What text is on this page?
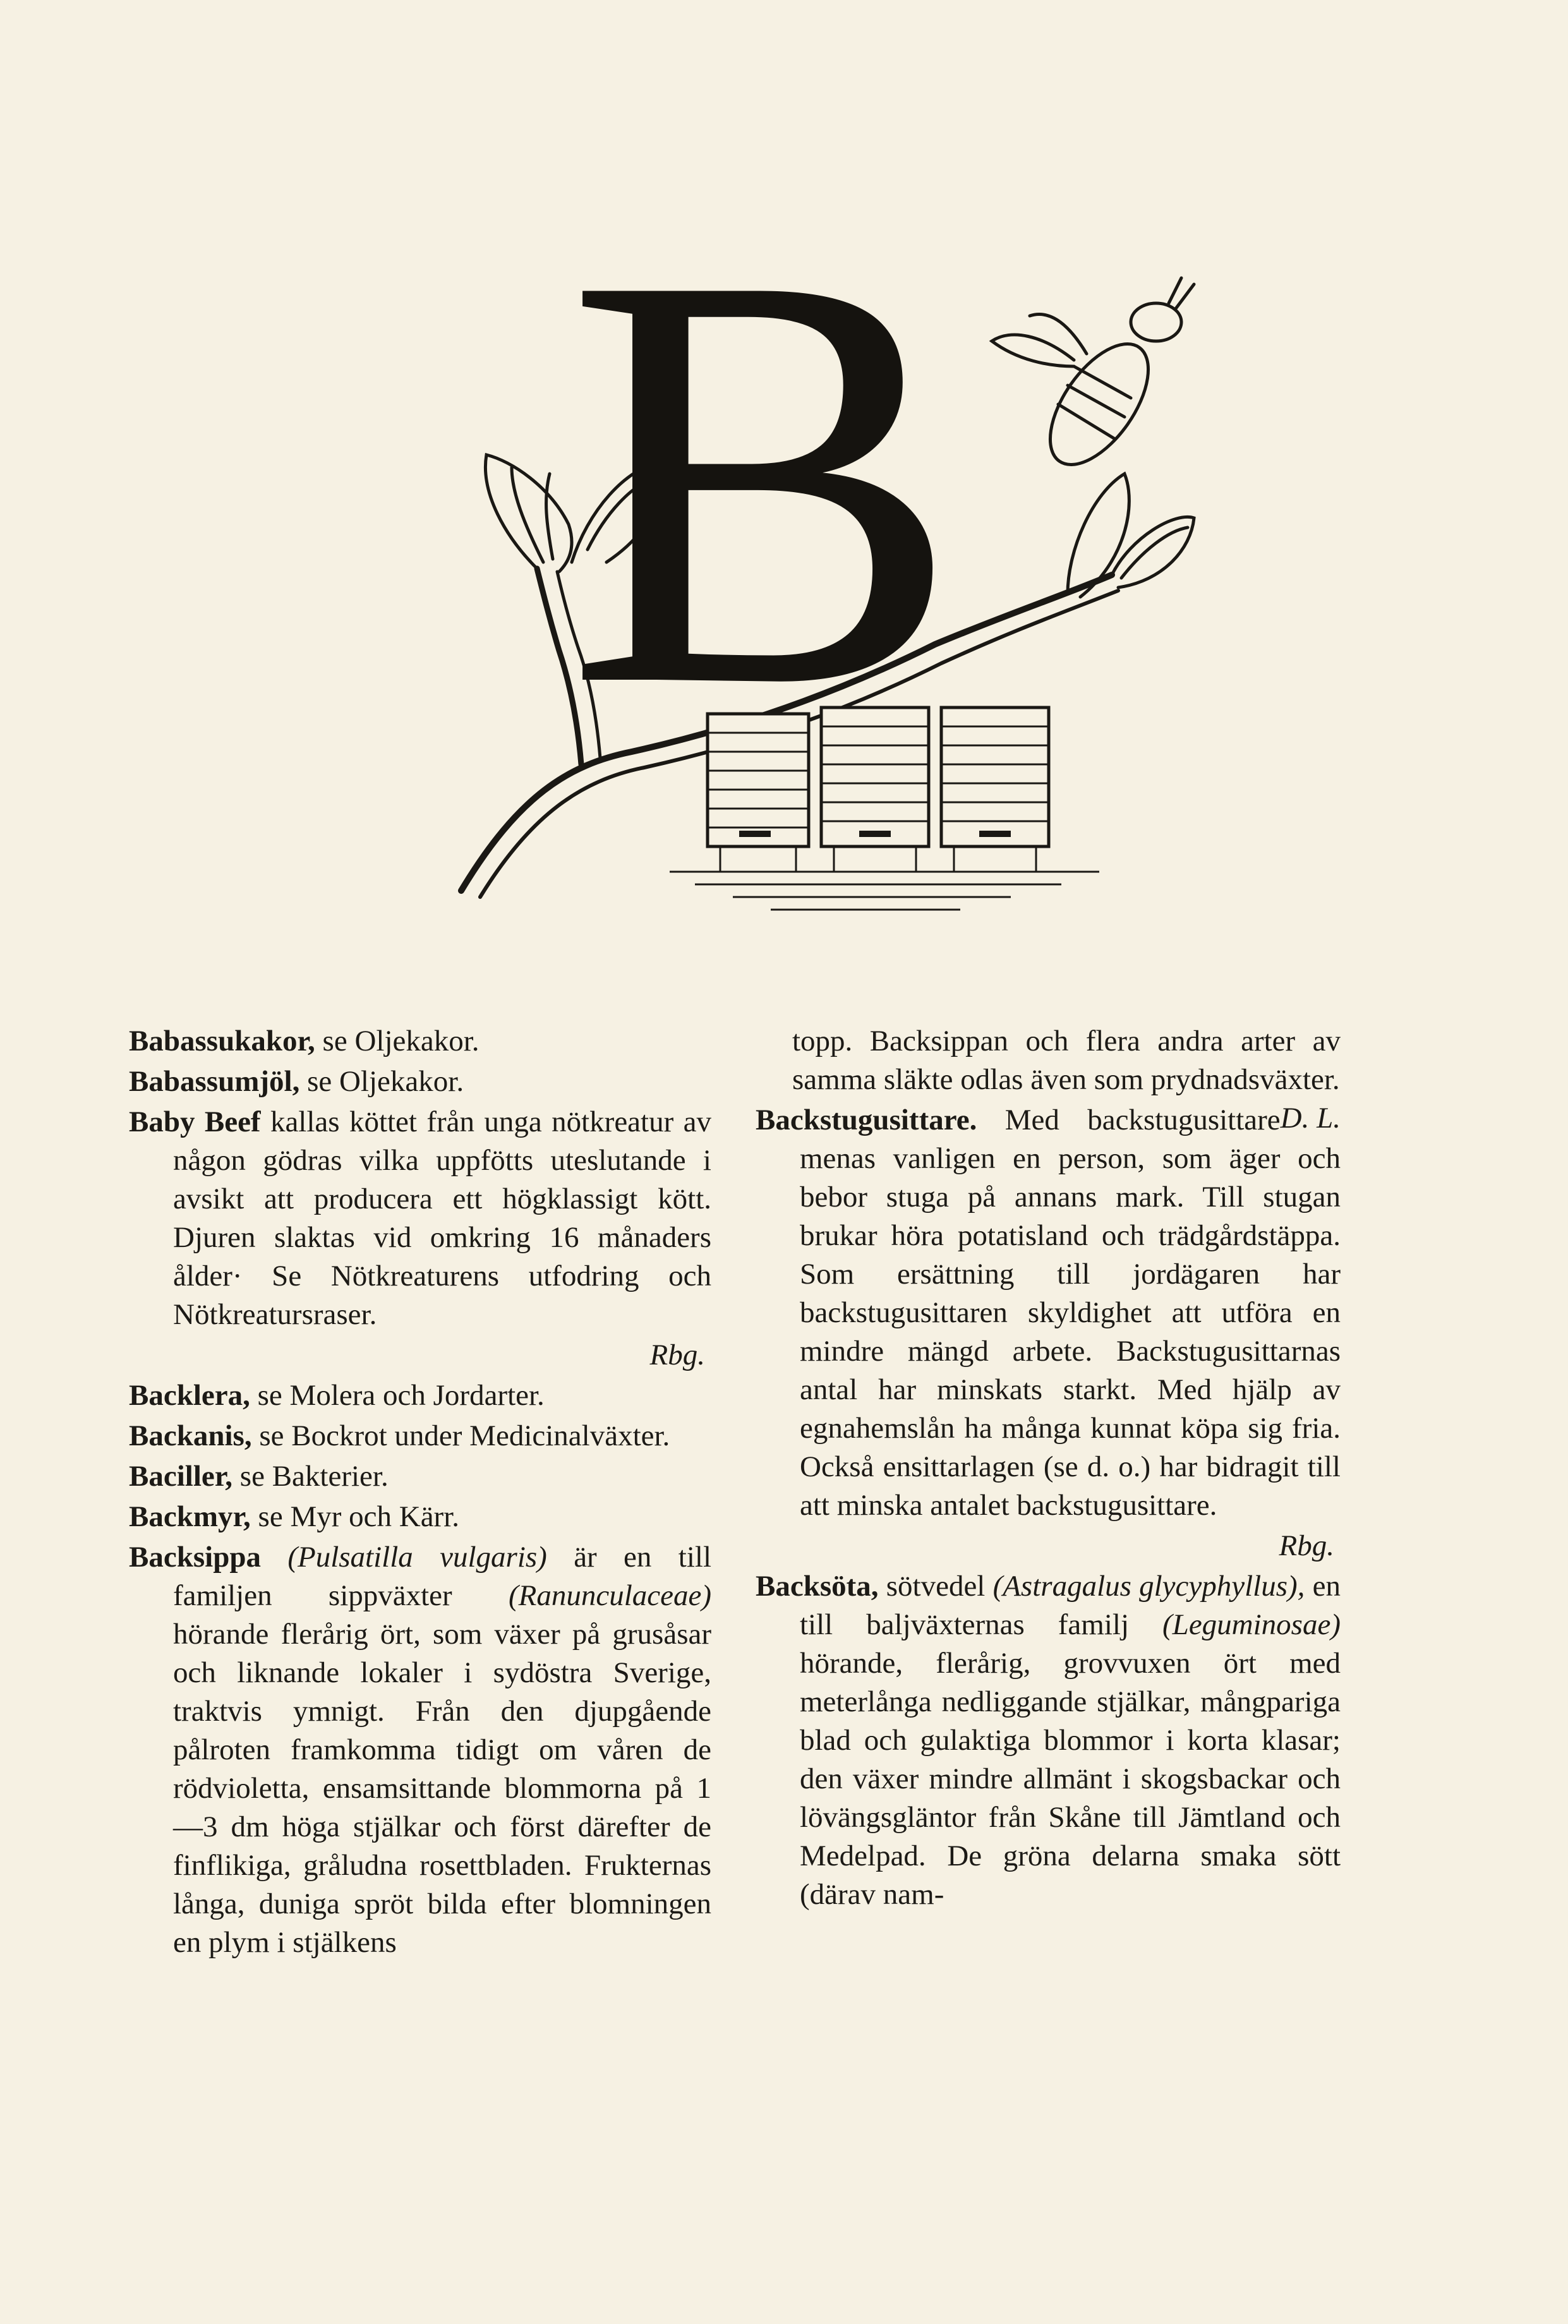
B

Babassukakor, se Oljekakor.

Babassumjöl, se Oljekakor.

Baby Beef kallas köttet från unga nötkreatur av någon gödras vilka uppfötts uteslutande i avsikt att producera ett högklassigt kött. Djuren slaktas vid omkring 16 månaders ålder· Se Nötkreaturens utfodring och Nötkreatursraser.

Rbg.

Backlera, se Molera och Jordarter.

Backanis, se Bockrot under Medicinalväxter.

Baciller, se Bakterier.

Backmyr, se Myr och Kärr.

Backsippa (Pulsatilla vulgaris) är en till familjen sippväxter (Ranunculaceae) hörande flerårig ört, som växer på grusåsar och liknande lokaler i sydöstra Sverige, traktvis ymnigt. Från den djupgående pålroten framkomma tidigt om våren de rödvioletta, ensamsittande blommorna på 1—3 dm höga stjälkar och först därefter de finflikiga, gråludna rosettbladen. Frukternas långa, duniga spröt bilda efter blomningen en plym i stjälkens

topp. Backsippan och flera andra arter av samma släkte odlas även som prydnadsväxter.
D. L.

Backstugusittare. Med backstugusittare menas vanligen en person, som äger och bebor stuga på annans mark. Till stugan brukar höra potatisland och trädgårdstäppa. Som ersättning till jordägaren har backstugusittaren skyldighet att utföra en mindre mängd arbete. Backstugusittarnas antal har minskats starkt. Med hjälp av egnahemslån ha många kunnat köpa sig fria. Också ensittarlagen (se d. o.) har bidragit till att minska antalet backstugusittare.

Rbg.

Backsöta, sötvedel (Astragalus glycyphyllus), en till baljväxternas familj (Leguminosae) hörande, flerårig, grovvuxen ört med meterlånga nedliggande stjälkar, mångpariga blad och gulaktiga blommor i korta klasar; den växer mindre allmänt i skogsbackar och lövängsgläntor från Skåne till Jämtland och Medelpad. De gröna delarna smaka sött (därav nam-
